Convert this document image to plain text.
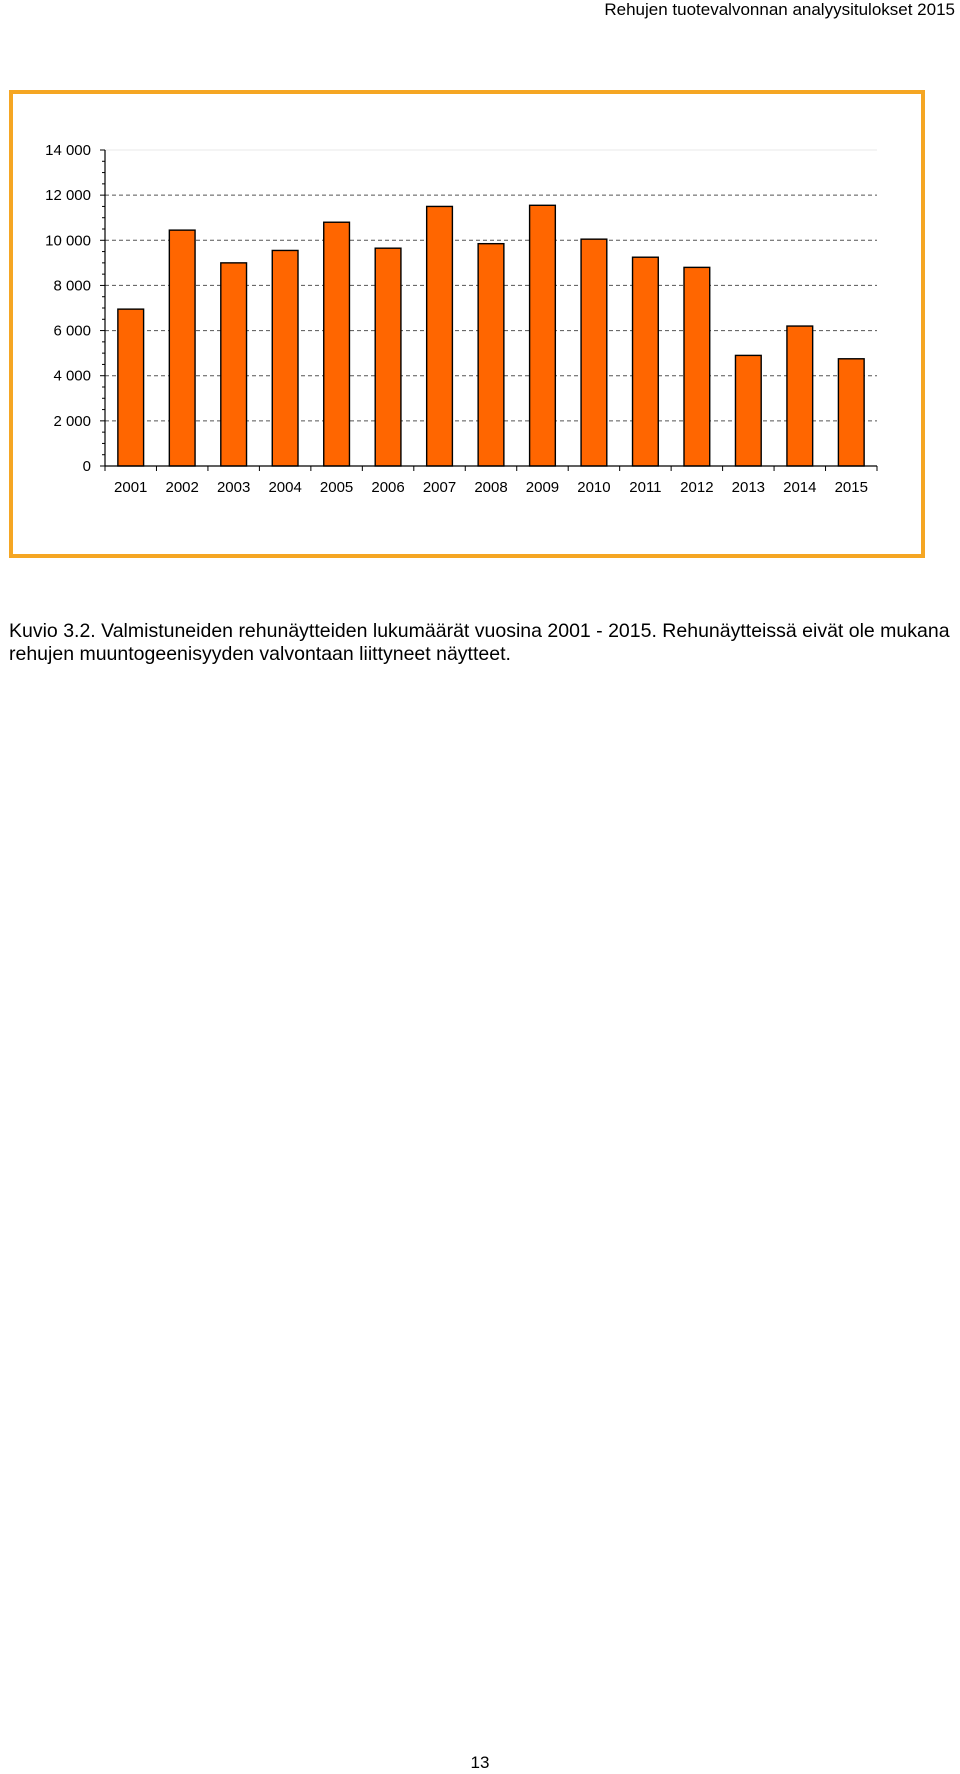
Rehujen tuotevalvonnan analyysitulokset 2015
0
2 000
4 000
6 000
8 000
10 000
12 000
14 000
2001 2002 2003 2004 2005 2006 2007 2008 2009 2010 2011 2012 2013 2014 2015
Kuvio 3.2. Valmistuneiden rehunäytteiden lukumäärät vuosina 2001 - 2015. Rehunäytteissä eivät ole mukana rehujen muuntogeenisyyden valvontaan liittyneet näytteet.
13
